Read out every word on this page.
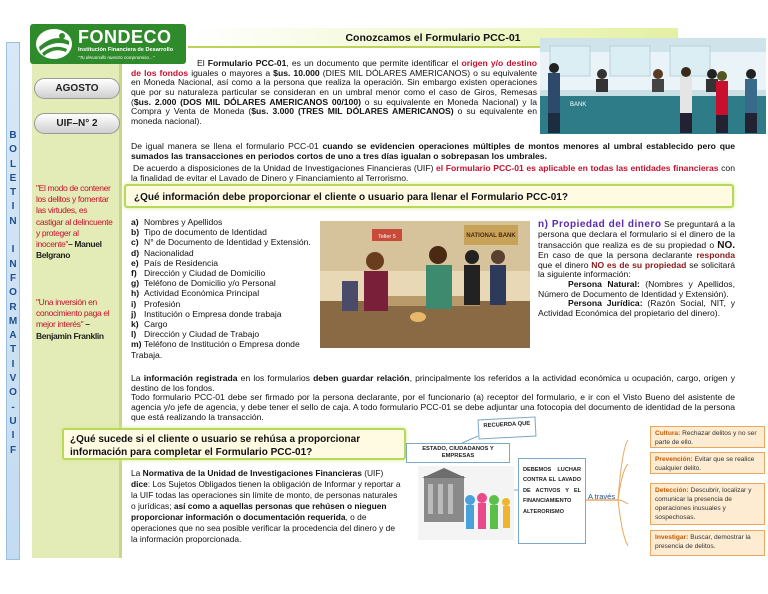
B
O
L
E
T
I
N

I
N
F
O
R
M
A
T
I
V
O
-
U
I
F
AGOSTO
UIF–N° 2
"El modo de contener los delitos y fomentar las virtudes, es castigar al delincuente y proteger al inocente"– Manuel Belgrano
"Una inversión en conocimiento paga el mejor interés" – Benjamin Franklin
FONDECO
Institución Financiera de Desarrollo
"Tu desarrollo nuestro compromiso..."
Conozcamos el Formulario PCC-01
BANK
El Formulario PCC-01, es un documento que permite identificar el origen y/o destino de los fondos iguales o mayores a $us. 10.000 (DIES MIL DÓLARES AMERICANOS) o su equivalente en Moneda Nacional, así como a la persona que realiza la operación. Sin embargo existen operaciones que por su naturaleza particular se consideran en un umbral menor como el caso de Giros, Remesas ($us. 2.000 (DOS MIL DÓLARES AMERICANOS 00/100) o su equivalente en Moneda Nacional) y la Compra y Venta de Moneda ($us. 3.000 (TRES MIL DÓLARES AMERICANOS) o su equivalente en moneda nacional).
De igual manera se llena el formulario PCC-01 cuando se evidencien operaciones múltiples de montos menores al umbral establecido pero que sumados las transacciones en periodos cortos de uno a tres días igualan o sobrepasan los umbrales.
De acuerdo a disposiciones de la Unidad de Investigaciones Financieras (UIF) el Formulario PCC-01 es aplicable en todas las entidades financieras con la finalidad de evitar el Lavado de Dinero y Financiamiento al Terrorismo.
¿Qué información debe proporcionar el cliente o usuario para llenar el Formulario PCC-01?
a) Nombres y Apellidos
b) Tipo de documento de Identidad
c) N° de Documento de Identidad y Extensión.
d) Nacionalidad
e) País de Residencia
f) Dirección y Ciudad de Domicilio
g) Teléfono de Domicilio y/o Personal
h) Actividad Económica Principal
i) Profesión
j) Institución o Empresa donde trabaja
k) Cargo
l) Dirección y Ciudad de Trabajo
m) Teléfono de Institución o Empresa donde Trabaja.
NATIONAL BANK
Teller 5
n) Propiedad del dinero Se preguntará a la persona que declara el formulario si el dinero de la transacción que realiza es de su propiedad o NO. En caso de que la persona declarante responda que el dinero NO es de su propiedad se solicitará la siguiente información:
Persona Natural: (Nombres y Apellidos, Número de Documento de Identidad y Extensión).
Persona Jurídica: (Razón Social, NIT, y Actividad Económica del propietario del dinero).
La información registrada en los formularios deben guardar relación, principalmente los referidos a la actividad económica u ocupación, cargo, origen y destino de los fondos.
Todo formulario PCC-01 debe ser firmado por la persona declarante, por el funcionario (a) receptor del formulario, e ir con el Visto Bueno del asistente de agencia y/o jefe de agencia, y debe tener el sello de caja. A todo formulario PCC-01 se debe adjuntar una fotocopia del documento de identidad de la persona que está realizando la transacción.
¿Qué sucede si el cliente o usuario se rehúsa a proporcionar información para completar el Formulario PCC-01?
La Normativa de la Unidad de Investigaciones Financieras (UIF) dice: Los Sujetos Obligados tienen la obligación de Informar y reportar a la UIF todas las operaciones sin límite de monto, de personas naturales o jurídicas; así como a aquellas personas que rehúsen o nieguen proporcionar información o documentación requerida, o de operaciones que no sea posible verificar la procedencia del dinero y de la información proporcionada.
RECUERDA QUE
ESTADO, CIUDADANOS Y EMPRESAS
DEBEMOS LUCHAR CONTRA EL LAVADO DE ACTIVOS Y EL FINANCIAMIENTO ALTERORISMO
A través
Cultura: Rechazar delitos y no ser parte de ello.
Prevención: Evitar que se realice cualquier delito.
Detección: Descubrir, localizar y comunicar la presencia de operaciones inusuales y sospechosas.
Investigar: Buscar, demostrar la presencia de delitos.
